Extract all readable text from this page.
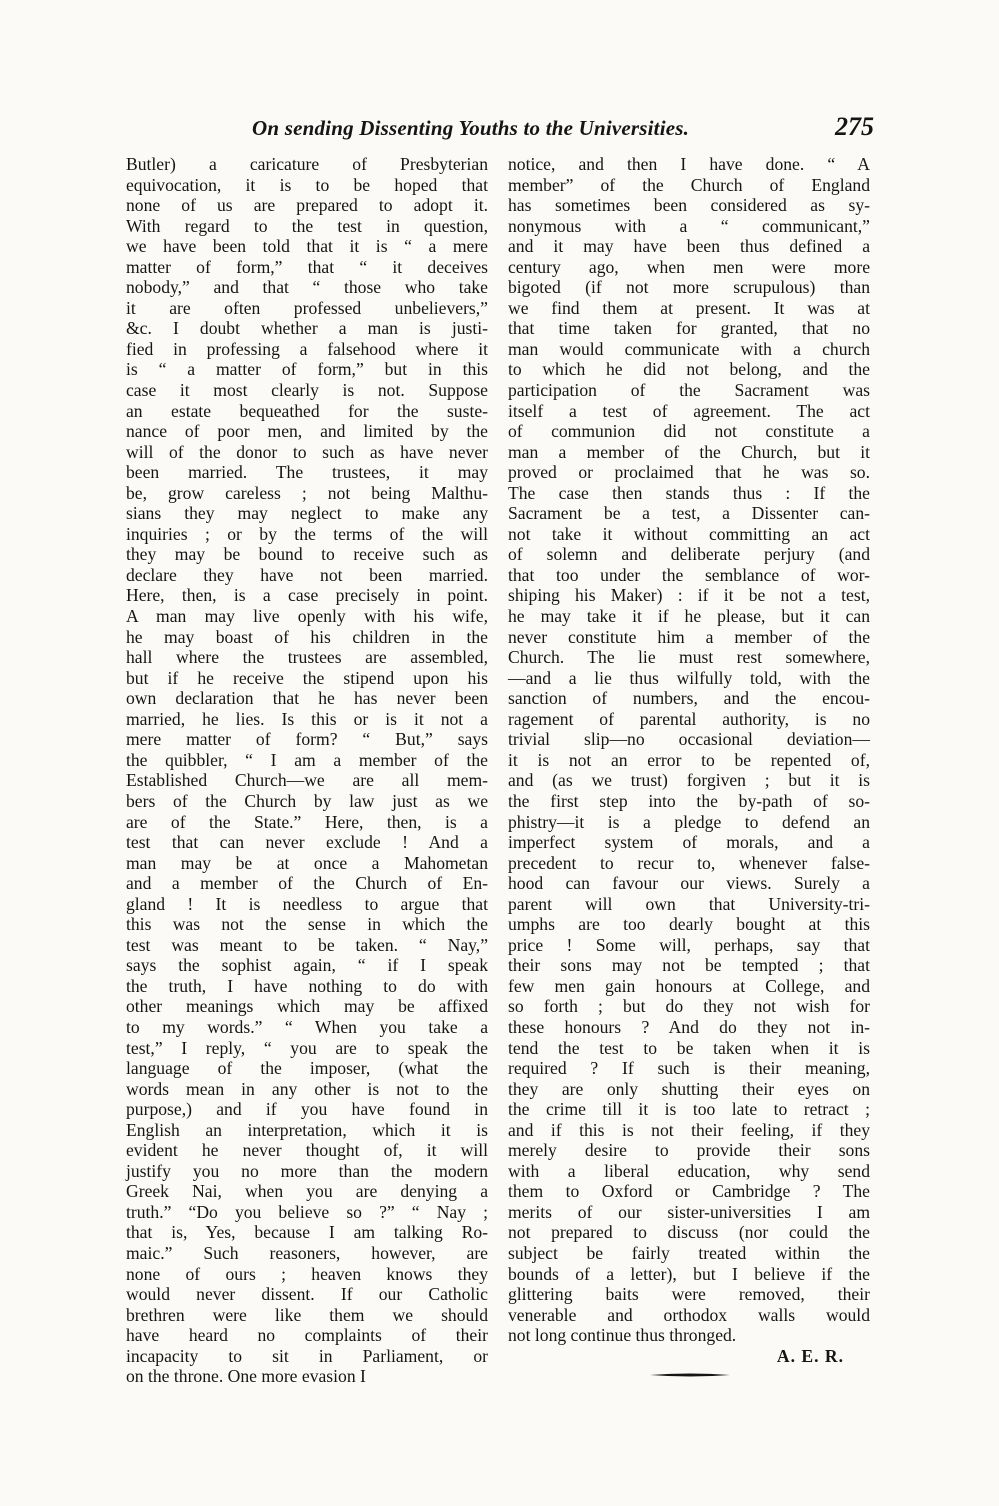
On sending Dissenting Youths to the Universities.	275
Butler) a caricature of Presbyterian
equivocation, it is to be hoped that
none of us are prepared to adopt it.
With regard to the test in question,
we have been told that it is “ a mere
matter of form,” that “ it deceives
nobody,” and that “ those who take
it are often professed unbelievers,”
&c. I doubt whether a man is justi-
fied in professing a falsehood where it
is “ a matter of form,” but in this
case it most clearly is not. Suppose
an estate bequeathed for the suste-
nance of poor men, and limited by the
will of the donor to such as have never
been married. The trustees, it may
be, grow careless ; not being Malthu-
sians they may neglect to make any
inquiries ; or by the terms of the will
they may be bound to receive such as
declare they have not been married.
Here, then, is a case precisely in point.
A man may live openly with his wife,
he may boast of his children in the
hall where the trustees are assembled,
but if he receive the stipend upon his
own declaration that he has never been
married, he lies. Is this or is it not a
mere matter of form? “ But,” says
the quibbler, “ I am a member of the
Established Church—we are all mem-
bers of the Church by law just as we
are of the State.” Here, then, is a
test that can never exclude ! And a
man may be at once a Mahometan
and a member of the Church of En-
gland ! It is needless to argue that
this was not the sense in which the
test was meant to be taken. “ Nay,”
says the sophist again, “ if I speak
the truth, I have nothing to do with
other meanings which may be affixed
to my words.” “ When you take a
test,” I reply, “ you are to speak the
language of the imposer, (what the
words mean in any other is not to the
purpose,) and if you have found in
English an interpretation, which it is
evident he never thought of, it will
justify you no more than the modern
Greek Nai, when you are denying a
truth.” “Do you believe so ?” “ Nay ;
that is, Yes, because I am talking Ro-
maic.” Such reasoners, however, are
none of ours ; heaven knows they
would never dissent. If our Catholic
brethren were like them we should
have heard no complaints of their
incapacity to sit in Parliament, or
on the throne. One more evasion I
notice, and then I have done. “ A
member” of the Church of England
has sometimes been considered as sy-
nonymous with a “ communicant,”
and it may have been thus defined a
century ago, when men were more
bigoted (if not more scrupulous) than
we find them at present. It was at
that time taken for granted, that no
man would communicate with a church
to which he did not belong, and the
participation of the Sacrament was
itself a test of agreement. The act
of communion did not constitute a
man a member of the Church, but it
proved or proclaimed that he was so.
The case then stands thus : If the
Sacrament be a test, a Dissenter can-
not take it without committing an act
of solemn and deliberate perjury (and
that too under the semblance of wor-
shiping his Maker) : if it be not a test,
he may take it if he please, but it can
never constitute him a member of the
Church. The lie must rest somewhere,
—and a lie thus wilfully told, with the
sanction of numbers, and the encou-
ragement of parental authority, is no
trivial slip—no occasional deviation—
it is not an error to be repented of,
and (as we trust) forgiven ; but it is
the first step into the by-path of so-
phistry—it is a pledge to defend an
imperfect system of morals, and a
precedent to recur to, whenever false-
hood can favour our views. Surely a
parent will own that University-tri-
umphs are too dearly bought at this
price ! Some will, perhaps, say that
their sons may not be tempted ; that
few men gain honours at College, and
so forth ; but do they not wish for
these honours ? And do they not in-
tend the test to be taken when it is
required ? If such is their meaning,
they are only shutting their eyes on
the crime till it is too late to retract ;
and if this is not their feeling, if they
merely desire to provide their sons
with a liberal education, why send
them to Oxford or Cambridge ? The
merits of our sister-universities I am
not prepared to discuss (nor could the
subject be fairly treated within the
bounds of a letter), but I believe if the
glittering baits were removed, their
venerable and orthodox walls would
not long continue thus thronged.
A. E. R.
